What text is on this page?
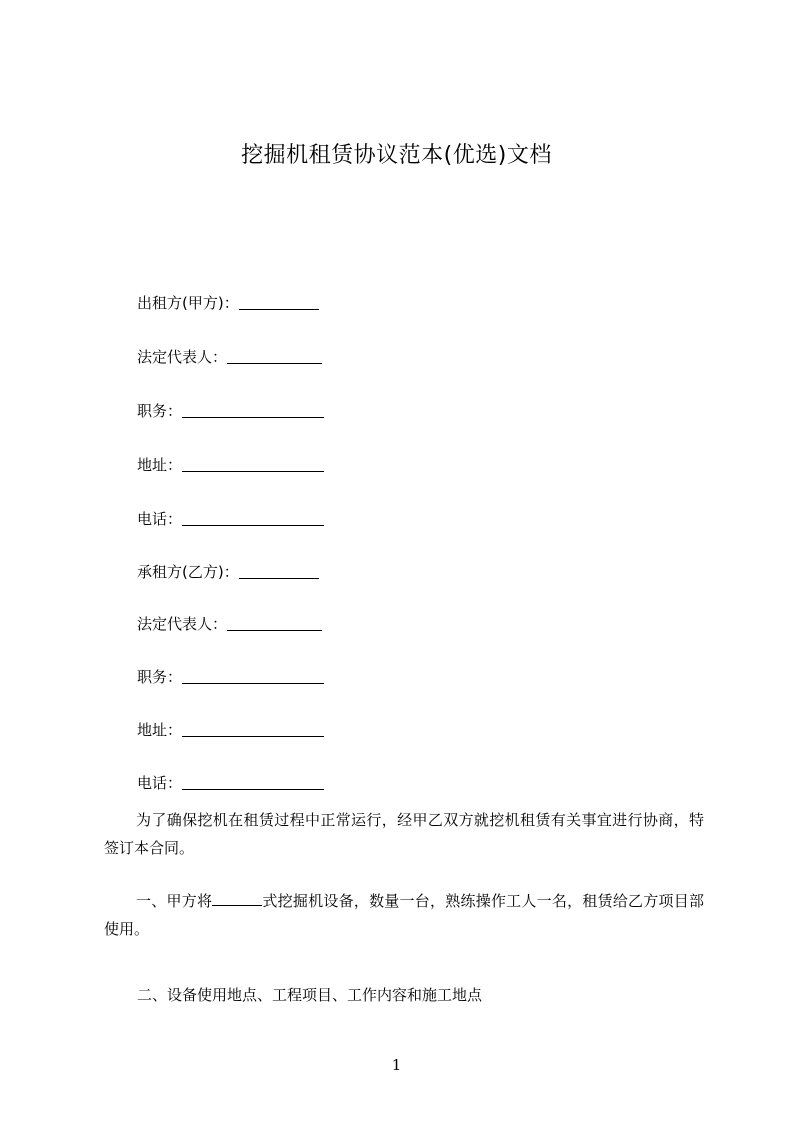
挖掘机租赁协议范本(优选)文档
出租方(甲方)：
法定代表人：
职务：
地址：
电话：
承租方(乙方)：
法定代表人：
职务：
地址：
电话：

为了确保挖机在租赁过程中正常运行，经甲乙双方就挖机租赁有关事宜进行协商，特签订本合同。

一、甲方将	式挖掘机设备，数量一台，熟练操作工人一名，租赁给乙方项目部使用。

二、设备使用地点、工程项目、工作内容和施工地点
1
